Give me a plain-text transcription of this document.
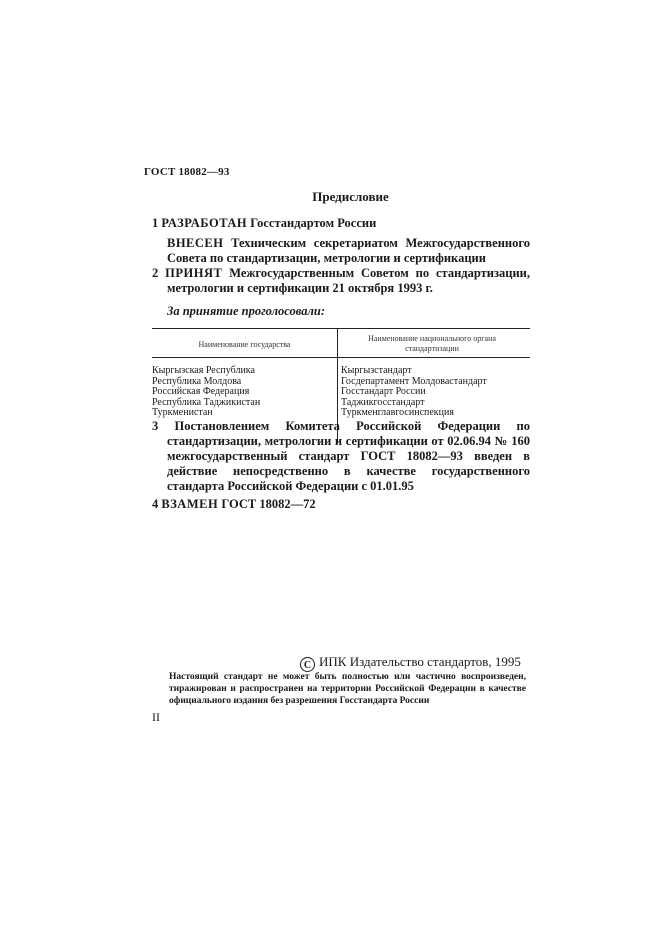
ГОСТ 18082—93
Предисловие
1 РАЗРАБОТАН Госстандартом России
ВНЕСЕН Техническим секретариатом Межгосударственного Совета по стандартизации, метрологии и сертификации
2 ПРИНЯТ Межгосударственным Советом по стандартизации, метрологии и сертификации 21 октября 1993 г.
За принятие проголосовали:
Наименование государства
Наименование национального органа стандартизации
Кыргызская Республика
Республика Молдова
Российская Федерация
Республика Таджикистан
Туркменистан
Кыргызстандарт
Госдепартамент Молдовастандарт
Госстандарт России
Таджикгосстандарт
Туркменглавгосинспекция
3 Постановлением Комитета Российской Федерации по стандартизации, метрологии и сертификации от 02.06.94 № 160 межгосударственный стандарт ГОСТ 18082—93 введен в действие непосредственно в качестве государственного стандарта Российской Федерации с 01.01.95
4 ВЗАМЕН ГОСТ 18082—72
C ИПК Издательство стандартов, 1995
Настоящий стандарт не может быть полностью или частично воспроизведен, тиражирован и распространен на территории Российской Федерации в качестве официального издания без разрешения Госстандарта России
II
